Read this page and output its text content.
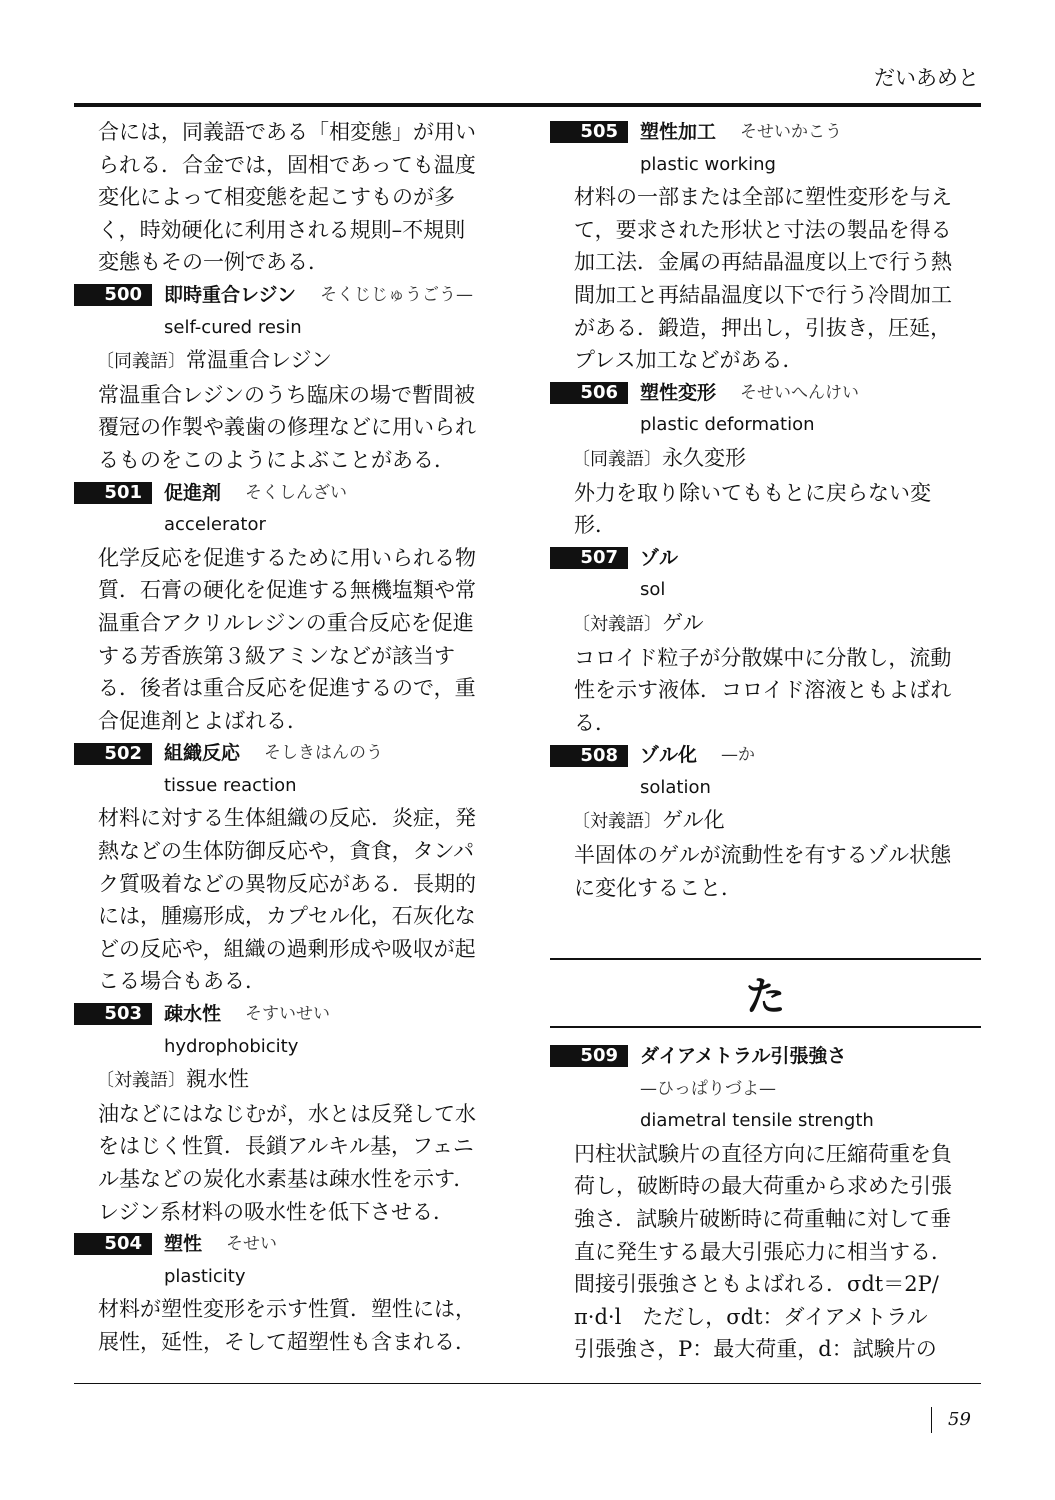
だいあめと
合には，同義語である「相変態」が用い
られる．合金では，固相であっても温度
変化によって相変態を起こすものが多
く，時効硬化に利用される規則–不規則
変態もその一例である．
500	即時重合レジン そくじじゅうごう—
self-cured resin
〔同義語〕常温重合レジン
常温重合レジンのうち臨床の場で暫間被
覆冠の作製や義歯の修理などに用いられ
るものをこのようによぶことがある．
501	促進剤 そくしんざい
accelerator
化学反応を促進するために用いられる物
質．石膏の硬化を促進する無機塩類や常
温重合アクリルレジンの重合反応を促進
する芳香族第３級アミンなどが該当す
る．後者は重合反応を促進するので，重
合促進剤とよばれる．
502	組織反応 そしきはんのう
tissue reaction
材料に対する生体組織の反応．炎症，発
熱などの生体防御反応や，貪食，タンパ
ク質吸着などの異物反応がある．長期的
には，腫瘍形成，カプセル化，石灰化な
どの反応や，組織の過剰形成や吸収が起
こる場合もある．
503	疎水性 そすいせい
hydrophobicity
〔対義語〕親水性
油などにはなじむが，水とは反発して水
をはじく性質．長鎖アルキル基，フェニ
ル基などの炭化水素基は疎水性を示す．
レジン系材料の吸水性を低下させる．
504	塑性 そせい
plasticity
材料が塑性変形を示す性質．塑性には，
展性，延性，そして超塑性も含まれる．
505	塑性加工 そせいかこう
plastic working
材料の一部または全部に塑性変形を与え
て，要求された形状と寸法の製品を得る
加工法．金属の再結晶温度以上で行う熱
間加工と再結晶温度以下で行う冷間加工
がある．鍛造，押出し，引抜き，圧延，
プレス加工などがある．
506	塑性変形 そせいへんけい
plastic deformation
〔同義語〕永久変形
外力を取り除いてももとに戻らない変
形．
507	ゾル
sol
〔対義語〕ゲル
コロイド粒子が分散媒中に分散し，流動
性を示す液体．コロイド溶液ともよばれ
る．
508	ゾル化 —か
solation
〔対義語〕ゲル化
半固体のゲルが流動性を有するゾル状態
に変化すること．
た
509	ダイアメトラル引張強さ
—ひっぱりづよ—
diametral tensile strength
円柱状試験片の直径方向に圧縮荷重を負
荷し，破断時の最大荷重から求めた引張
強さ．試験片破断時に荷重軸に対して垂
直に発生する最大引張応力に相当する．
間接引張強さともよばれる．σdt＝2P/
π·d·l　ただし，σdt：ダイアメトラル
引張強さ，P：最大荷重，d：試験片の
59
